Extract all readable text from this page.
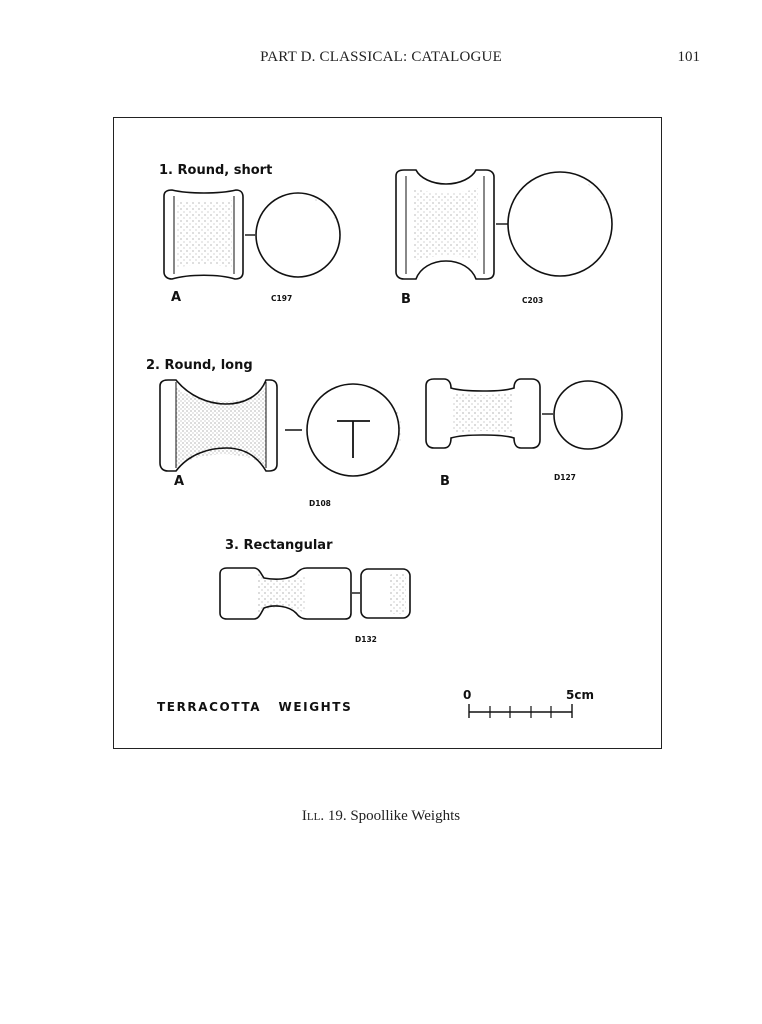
PART D. CLASSICAL: CATALOGUE	101
1. Round, short
A	C197	B	C203
2. Round, long
A
D108
B	D127
3. Rectangular
D132
TERRACOTTA   WEIGHTS
0	5cm
Ill. 19. Spoollike Weights
